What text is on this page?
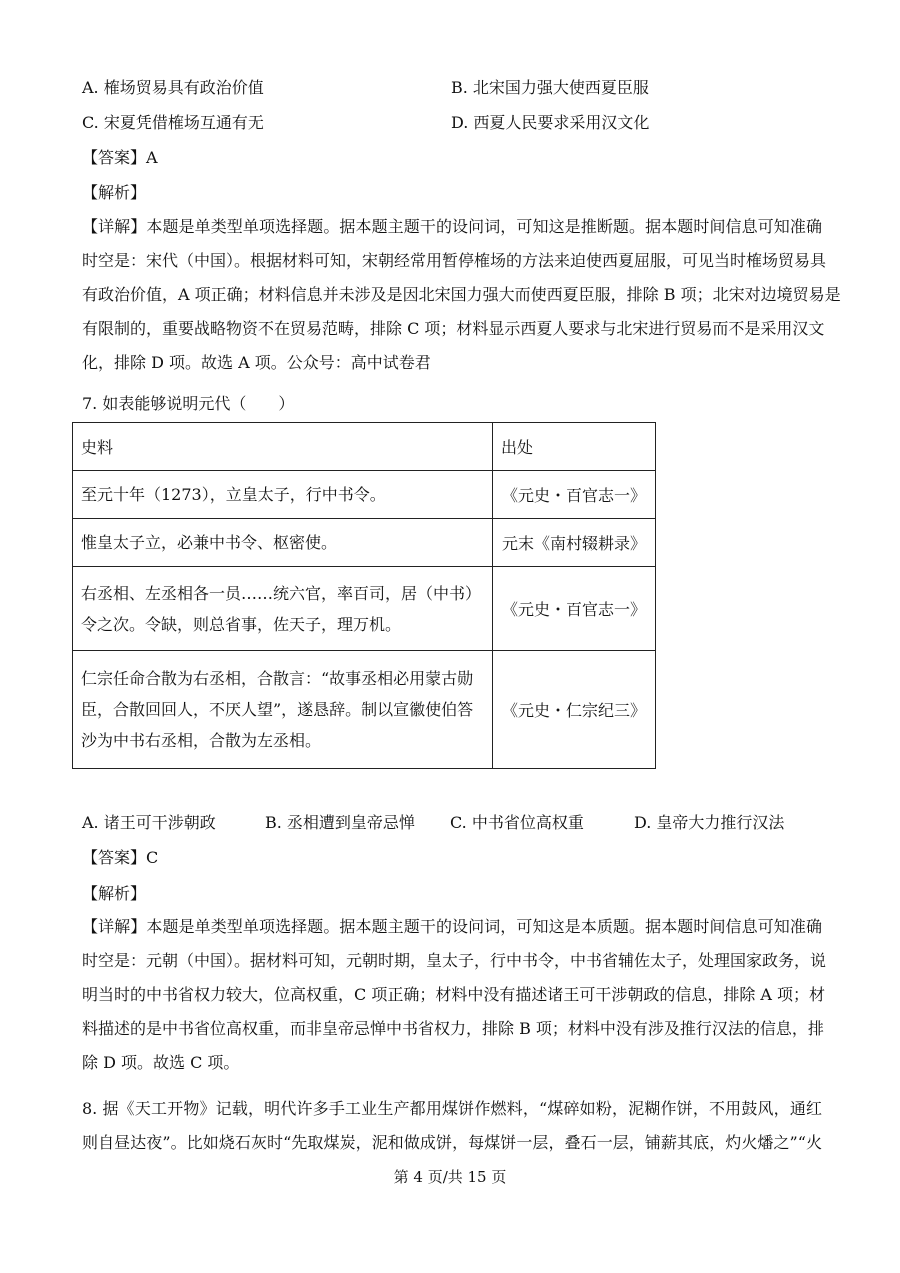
A. 榷场贸易具有政治价值	B. 北宋国力强大使西夏臣服
C. 宋夏凭借榷场互通有无	D. 西夏人民要求采用汉文化
【答案】A
【解析】
【详解】本题是单类型单项选择题。据本题主题干的设问词，可知这是推断题。据本题时间信息可知准确
时空是：宋代（中国）。根据材料可知，宋朝经常用暂停榷场的方法来迫使西夏屈服，可见当时榷场贸易具
有政治价值，A 项正确；材料信息并未涉及是因北宋国力强大而使西夏臣服，排除 B 项；北宋对边境贸易是
有限制的，重要战略物资不在贸易范畴，排除 C 项；材料显示西夏人要求与北宋进行贸易而不是采用汉文
化，排除 D 项。故选 A 项。公众号：高中试卷君
7. 如表能够说明元代（　　）
史料	出处

至元十年（1273），立皇太子，行中书令。	《元史・百官志一》

惟皇太子立，必兼中书令、枢密使。	元末《南村辍耕录》

右丞相、左丞相各一员……统六官，率百司，居（中书）
令之次。令缺，则总省事，佐天子，理万机。	《元史・百官志一》

仁宗任命合散为右丞相，合散言：“故事丞相必用蒙古勋
臣，合散回回人，不厌人望”，遂恳辞。制以宣徽使伯答
沙为中书右丞相，合散为左丞相。	《元史・仁宗纪三》
A. 诸王可干涉朝政	B. 丞相遭到皇帝忌惮 C. 中书省位高权重	D. 皇帝大力推行汉法
【答案】C
【解析】
【详解】本题是单类型单项选择题。据本题主题干的设问词，可知这是本质题。据本题时间信息可知准确
时空是：元朝（中国）。据材料可知，元朝时期，皇太子，行中书令，中书省辅佐太子，处理国家政务，说
明当时的中书省权力较大，位高权重，C 项正确；材料中没有描述诸王可干涉朝政的信息，排除 A 项；材
料描述的是中书省位高权重，而非皇帝忌惮中书省权力，排除 B 项；材料中没有涉及推行汉法的信息，排
除 D 项。故选 C 项。
8. 据《天工开物》记载，明代许多手工业生产都用煤饼作燃料，“煤碎如粉，泥糊作饼，不用鼓风，通红
则自昼达夜”。比如烧石灰时“先取煤炭，泥和做成饼，每煤饼一层，叠石一层，铺薪其底，灼火燔之”“火
第 4 页/共 15 页
